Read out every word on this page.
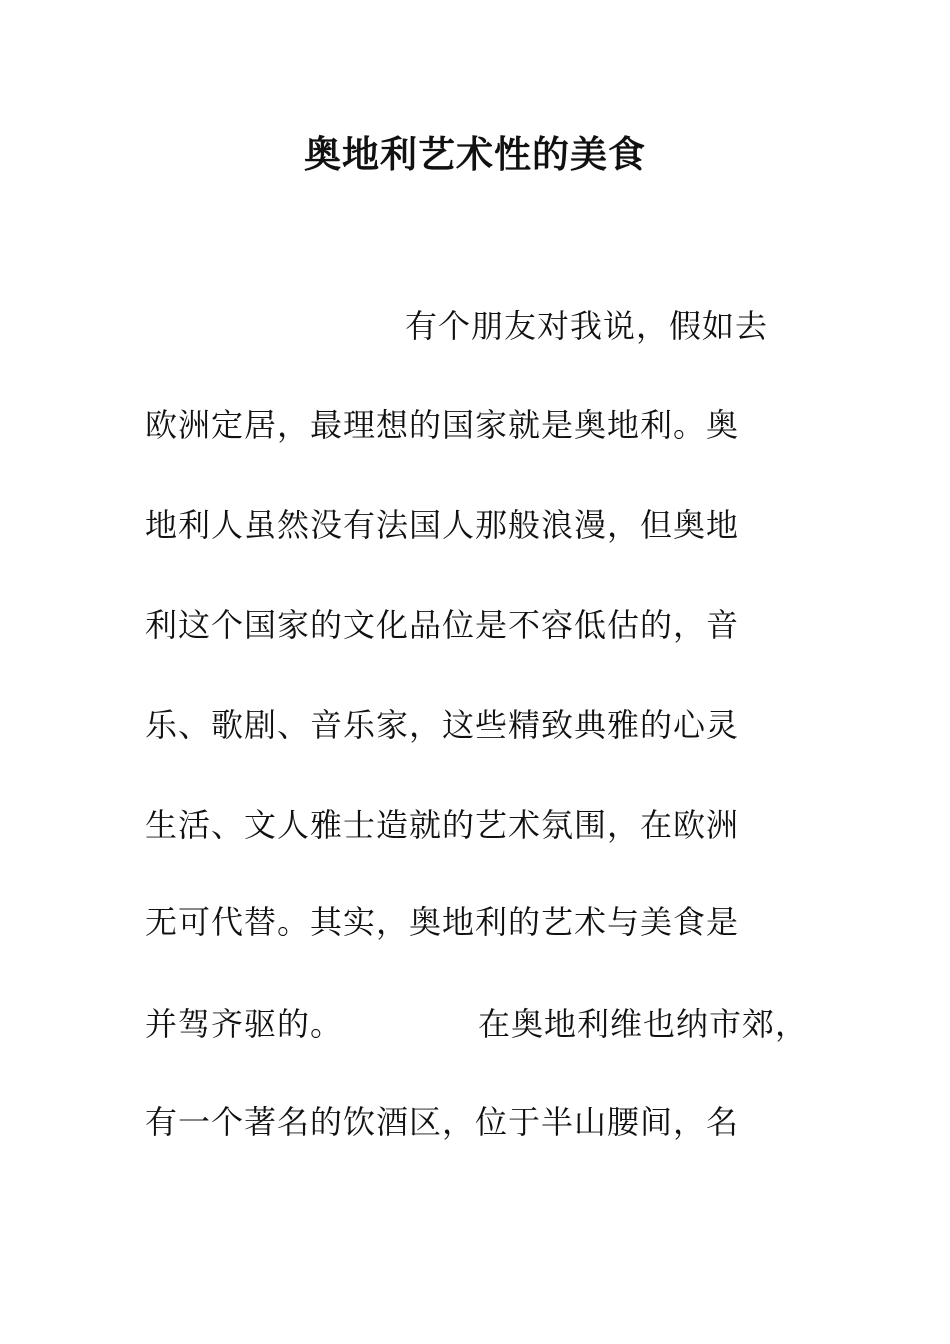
奥地利艺术性的美食
有个朋友对我说，假如去
欧洲定居，最理想的国家就是奥地利。奥
地利人虽然没有法国人那般浪漫，但奥地
利这个国家的文化品位是不容低估的，音
乐、歌剧、音乐家，这些精致典雅的心灵
生活、文人雅士造就的艺术氛围，在欧洲
无可代替。其实，奥地利的艺术与美食是
并驾齐驱的。	在奥地利维也纳市郊，
有一个著名的饮酒区，位于半山腰间，名
